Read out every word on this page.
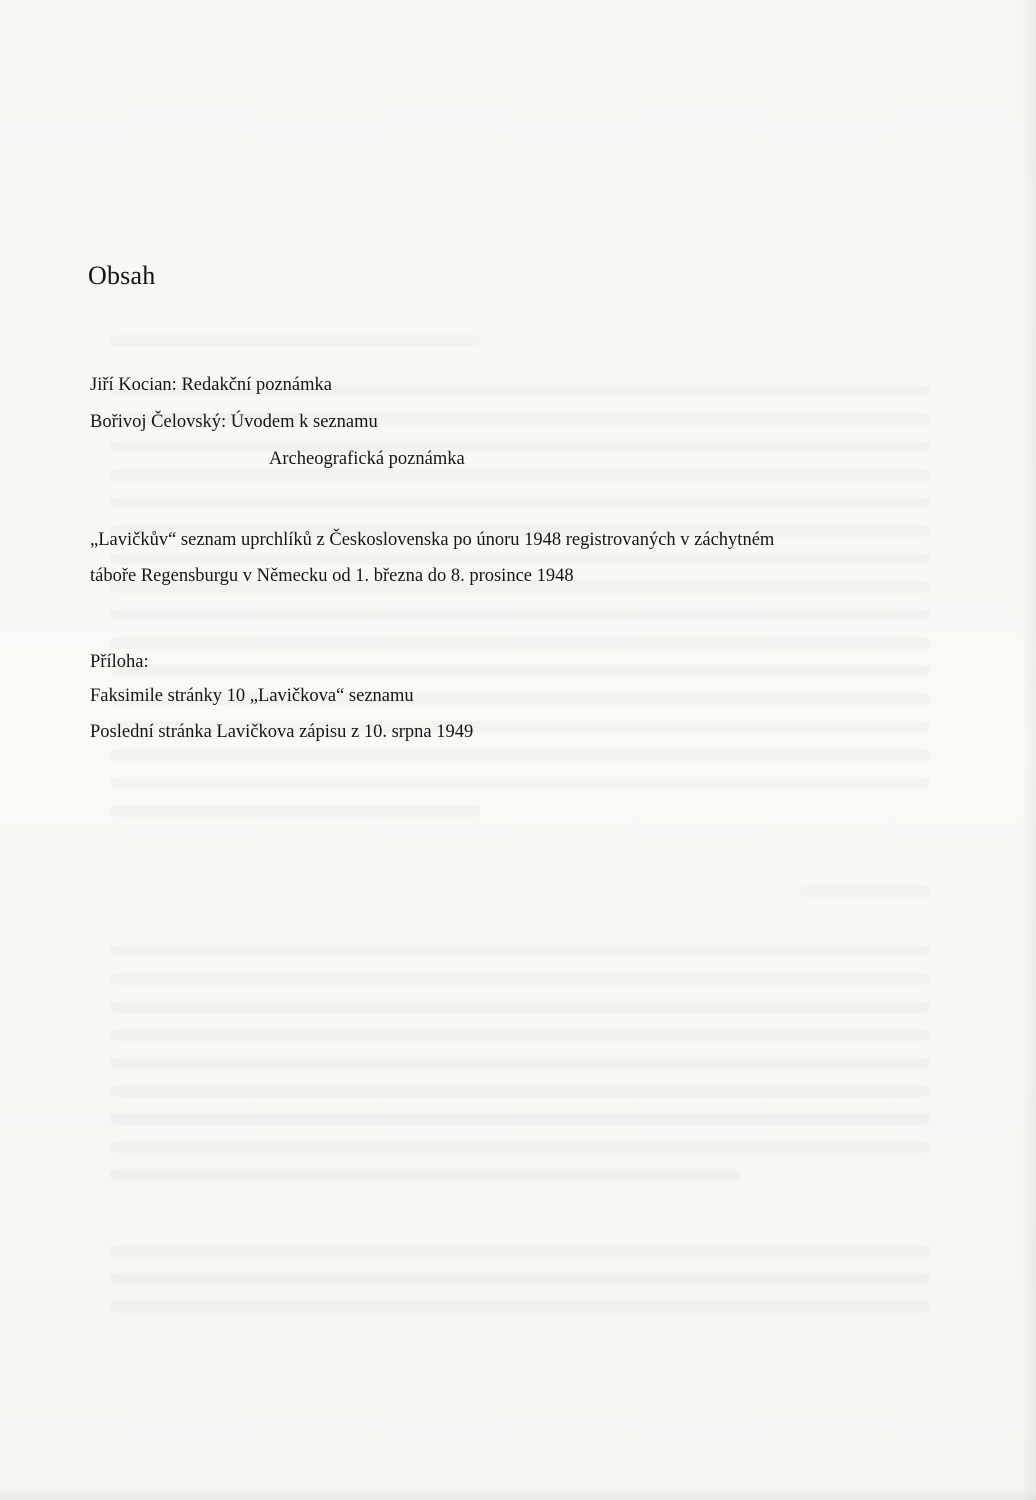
Obsah

Jiří Kocian: Redakční poznámka

Bořivoj Čelovský: Úvodem k seznamu

Archeografická poznámka

„Lavičkův“ seznam uprchlíků z Československa po únoru 1948 registrovaných v záchytném

táboře Regensburgu v Německu od 1. března do 8. prosince 1948

Příloha:

Faksimile stránky 10 „Lavičkova“ seznamu

Poslední stránka Lavičkova zápisu z 10. srpna 1949
